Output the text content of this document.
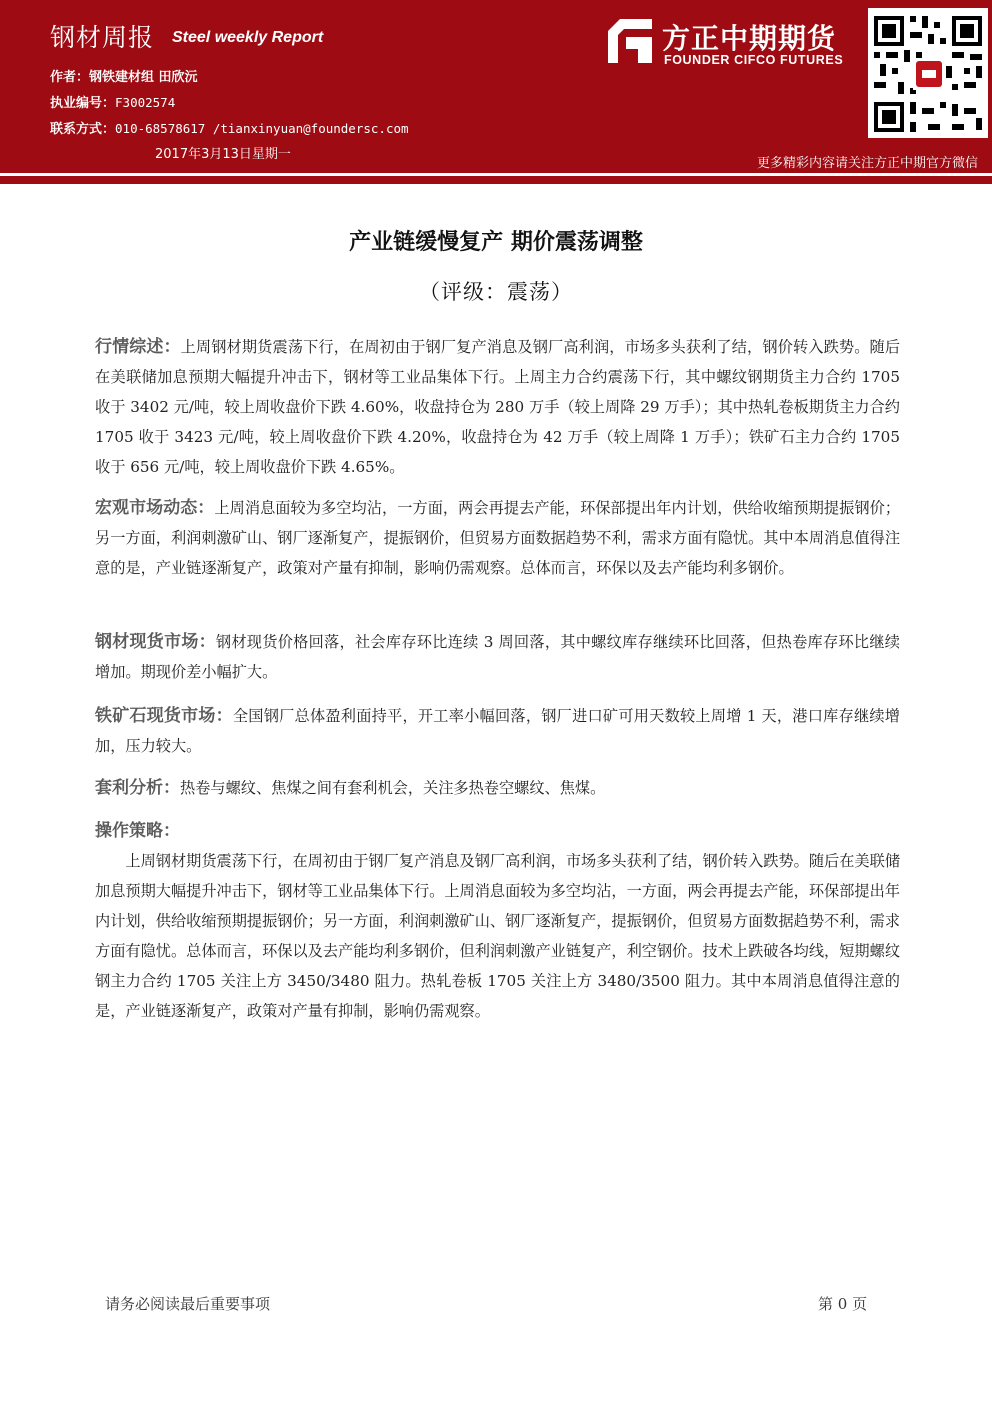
钢材周报 Steel weekly Report
作者：钢铁建材组 田欣沅
执业编号：F3002574
联系方式：010-68578617 /tianxinyuan@foundersc.com
2017年3月13日星期一
方正中期期货
FOUNDER CIFCO FUTURES
更多精彩内容请关注方正中期官方微信
产业链缓慢复产 期价震荡调整
（评级：震荡）
行情综述：上周钢材期货震荡下行，在周初由于钢厂复产消息及钢厂高利润，市场多头获利了结，钢价转入跌势。随后在美联储加息预期大幅提升冲击下，钢材等工业品集体下行。上周主力合约震荡下行，其中螺纹钢期货主力合约 1705 收于 3402 元/吨，较上周收盘价下跌 4.60%，收盘持仓为 280 万手（较上周降 29 万手）；其中热轧卷板期货主力合约 1705 收于 3423 元/吨，较上周收盘价下跌 4.20%，收盘持仓为 42 万手（较上周降 1 万手）；铁矿石主力合约 1705 收于 656 元/吨，较上周收盘价下跌 4.65%。
宏观市场动态：上周消息面较为多空均沾，一方面，两会再提去产能，环保部提出年内计划，供给收缩预期提振钢价；另一方面，利润刺激矿山、钢厂逐渐复产，提振钢价，但贸易方面数据趋势不利，需求方面有隐忧。其中本周消息值得注意的是，产业链逐渐复产，政策对产量有抑制，影响仍需观察。总体而言，环保以及去产能均利多钢价。
钢材现货市场：钢材现货价格回落，社会库存环比连续 3 周回落，其中螺纹库存继续环比回落，但热卷库存环比继续增加。期现价差小幅扩大。
铁矿石现货市场：全国钢厂总体盈利面持平，开工率小幅回落，钢厂进口矿可用天数较上周增 1 天，港口库存继续增加，压力较大。
套利分析：热卷与螺纹、焦煤之间有套利机会，关注多热卷空螺纹、焦煤。
操作策略：
上周钢材期货震荡下行，在周初由于钢厂复产消息及钢厂高利润，市场多头获利了结，钢价转入跌势。随后在美联储加息预期大幅提升冲击下，钢材等工业品集体下行。上周消息面较为多空均沾，一方面，两会再提去产能，环保部提出年内计划，供给收缩预期提振钢价；另一方面，利润刺激矿山、钢厂逐渐复产，提振钢价，但贸易方面数据趋势不利，需求方面有隐忧。总体而言，环保以及去产能均利多钢价，但利润刺激产业链复产，利空钢价。技术上跌破各均线，短期螺纹钢主力合约 1705 关注上方 3450/3480 阻力。热轧卷板 1705 关注上方 3480/3500 阻力。其中本周消息值得注意的是，产业链逐渐复产，政策对产量有抑制，影响仍需观察。
请务必阅读最后重要事项	第 0 页
